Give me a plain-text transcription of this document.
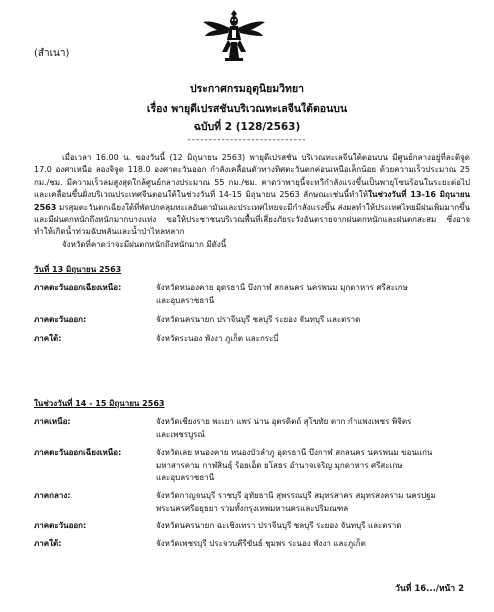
(สำเนา)
ประกาศกรมอุตุนิยมวิทยา
เรื่อง พายุดีเปรสชันบริเวณทะเลจีนใต้ตอนบน
ฉบับที่ 2 (128/2563)
----------------------------

เมื่อเวลา 16.00 น. ของวันนี้ (12 มิถุนายน 2563) พายุดีเปรสชัน บริเวณทะเลจีนใต้ตอนบน มีศูนย์กลางอยู่ที่ละติจูด 17.0 องศาเหนือ ลองจิจูด 118.0 องศาตะวันออก กำลังเคลื่อนตัวทางทิศตะวันตกค่อนเหนือเล็กน้อย ด้วยความเร็วประมาณ 25 กม./ชม. มีความเร็วลมสูงสุดใกล้ศูนย์กลางประมาณ 55 กม./ชม. คาดว่าพายุนี้จะทวีกำลังแรงขึ้นเป็นพายุโซนร้อนในระยะต่อไป และเคลื่อนขึ้นฝั่งบริเวณประเทศจีนตอนใต้ในช่วงวันที่ 14-15 มิถุนายน 2563 ลักษณะเช่นนี้ทำให้ในช่วงวันที่ 13-16 มิถุนายน 2563 มรสุมตะวันตกเฉียงใต้ที่พัดปกคลุมทะเลอันดามันและประเทศไทยจะมีกำลังแรงขึ้น ส่งผลทำให้ประเทศไทยมีฝนเพิ่มมากขึ้นและมีฝนตกหนักถึงหนักมากบางแห่ง ขอให้ประชาชนบริเวณพื้นที่เสี่ยงภัยระวังอันตรายจากฝนตกหนักและฝนตกสะสม ซึ่งอาจทำให้เกิดน้ำท่วมฉับพลันและน้ำป่าไหลหลาก

จังหวัดที่คาดว่าจะมีฝนตกหนักถึงหนักมาก มีดังนี้

วันที่ 13 มิถุนายน 2563
ภาคตะวันออกเฉียงเหนือ:	จังหวัดหนองคาย อุดรธานี บึงกาฬ สกลนคร นครพนม มุกดาหาร ศรีสะเกษ
และอุบลราชธานี
ภาคตะวันออก:	จังหวัดนครนายก ปราจีนบุรี ชลบุรี ระยอง จันทบุรี และตราด
ภาคใต้:	จังหวัดระนอง พังงา ภูเก็ต และกระบี่
ในช่วงวันที่ 14 - 15 มิถุนายน 2563
ภาคเหนือ:	จังหวัดเชียงราย พะเยา แพร่ น่าน อุตรดิตถ์ สุโขทัย ตาก กำแพงเพชร พิจิตร
และเพชรบูรณ์
ภาคตะวันออกเฉียงเหนือ:	จังหวัดเลย หนองคาย หนองบัวลำภู อุดรธานี บึงกาฬ สกลนคร นครพนม ขอนแก่น
มหาสารคาม กาฬสินธุ์ ร้อยเอ็ด ยโสธร อำนาจเจริญ มุกดาหาร ศรีสะเกษ
และอุบลราชธานี
ภาคกลาง:	จังหวัดกาญจนบุรี ราชบุรี อุทัยธานี สุพรรณบุรี สมุทรสาคร สมุทรสงคราม นครปฐม
พระนครศรีอยุธยา รวมทั้งกรุงเทพมหานครและปริมณฑล
ภาคตะวันออก:	จังหวัดนครนายก ฉะเชิงเทรา ปราจีนบุรี ชลบุรี ระยอง จันทบุรี และตราด
ภาคใต้:	จังหวัดเพชรบุรี ประจวบคีรีขันธ์ ชุมพร ระนอง พังงา และภูเก็ต
วันที่ 16.../หน้า 2
